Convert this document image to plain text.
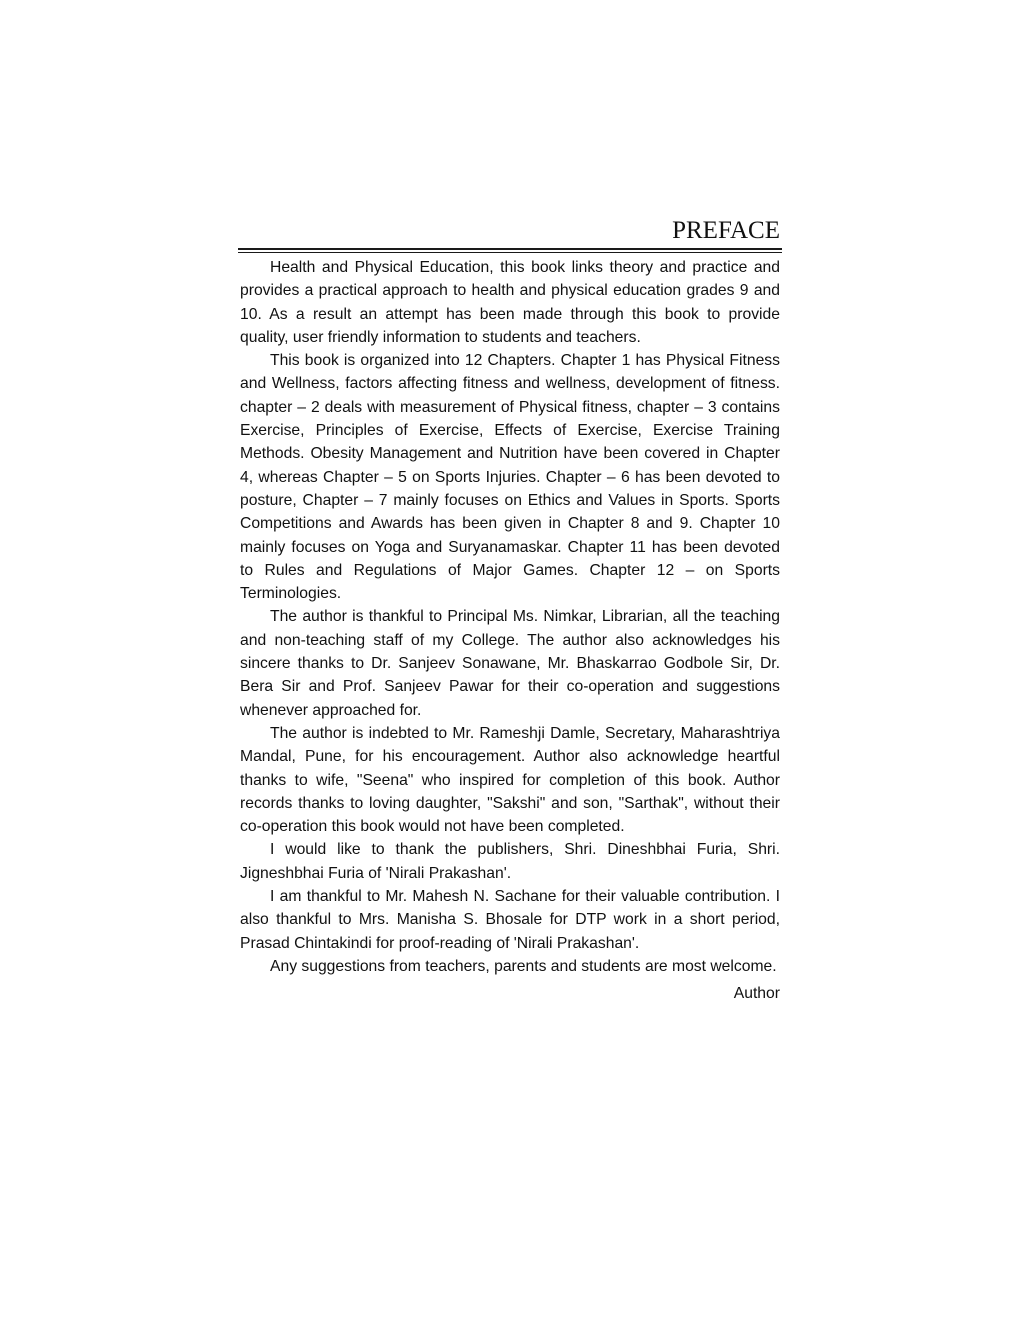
PREFACE

Health and Physical Education, this book links theory and practice and provides a practical approach to health and physical education grades 9 and 10. As a result an attempt has been made through this book to provide quality, user friendly information to students and teachers.

This book is organized into 12 Chapters. Chapter 1 has Physical Fitness and Wellness, factors affecting fitness and wellness, development of fitness. chapter – 2 deals with measurement of Physical fitness, chapter – 3 contains Exercise, Principles of Exercise, Effects of Exercise, Exercise Training Methods. Obesity Management and Nutrition have been covered in Chapter 4, whereas Chapter – 5 on Sports Injuries. Chapter – 6 has been devoted to posture, Chapter – 7 mainly focuses on Ethics and Values in Sports. Sports Competitions and Awards has been given in Chapter 8 and 9. Chapter 10 mainly focuses on Yoga and Suryanamaskar. Chapter 11 has been devoted to Rules and Regulations of Major Games. Chapter 12 – on Sports Terminologies.

The author is thankful to Principal Ms. Nimkar, Librarian, all the teaching and non-teaching staff of my College. The author also acknowledges his sincere thanks to Dr. Sanjeev Sonawane, Mr. Bhaskarrao Godbole Sir, Dr. Bera Sir and Prof. Sanjeev Pawar for their co-operation and suggestions whenever approached for.

The author is indebted to Mr. Rameshji Damle, Secretary, Maharashtriya Mandal, Pune, for his encouragement. Author also acknowledge heartful thanks to wife, "Seena" who inspired for completion of this book. Author records thanks to loving daughter, "Sakshi" and son, "Sarthak", without their co-operation this book would not have been completed.

I would like to thank the publishers, Shri. Dineshbhai Furia, Shri. Jigneshbhai Furia of 'Nirali Prakashan'.

I am thankful to Mr. Mahesh N. Sachane for their valuable contribution. I also thankful to Mrs. Manisha S. Bhosale for DTP work in a short period, Prasad Chintakindi for proof-reading of 'Nirali Prakashan'.

Any suggestions from teachers, parents and students are most welcome.

Author
